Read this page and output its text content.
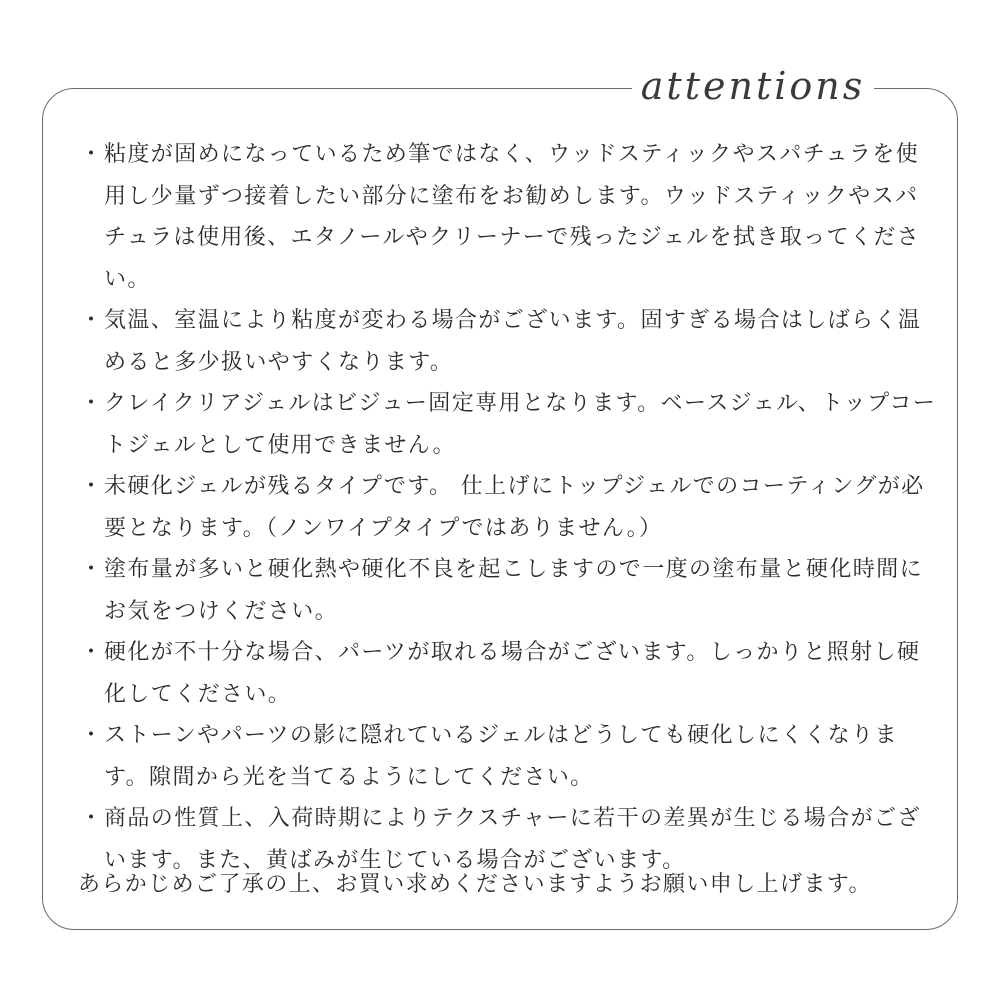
attentions
・ 粘度が固めになっているため筆ではなく、ウッドスティックやスパチュラを使用し少量ずつ接着したい部分に塗布をお勧めします。ウッドスティックやスパチュラは使用後、エタノールやクリーナーで残ったジェルを拭き取ってください。
・ 気温、室温により粘度が変わる場合がございます。固すぎる場合はしばらく温めると多少扱いやすくなります。
・ クレイクリアジェルはビジュー固定専用となります。ベースジェル、トップコートジェルとして使用できません。
・ 未硬化ジェルが残るタイプです。 仕上げにトップジェルでのコーティングが必要となります。（ノンワイプタイプではありません。）
・ 塗布量が多いと硬化熱や硬化不良を起こしますので一度の塗布量と硬化時間にお気をつけください。
・ 硬化が不十分な場合、パーツが取れる場合がございます。しっかりと照射し硬化してください。
・ ストーンやパーツの影に隠れているジェルはどうしても硬化しにくくなります。隙間から光を当てるようにしてください。
・ 商品の性質上、入荷時期によりテクスチャーに若干の差異が生じる場合がございます。また、黄ばみが生じている場合がございます。

あらかじめご了承の上、お買い求めくださいますようお願い申し上げます。
